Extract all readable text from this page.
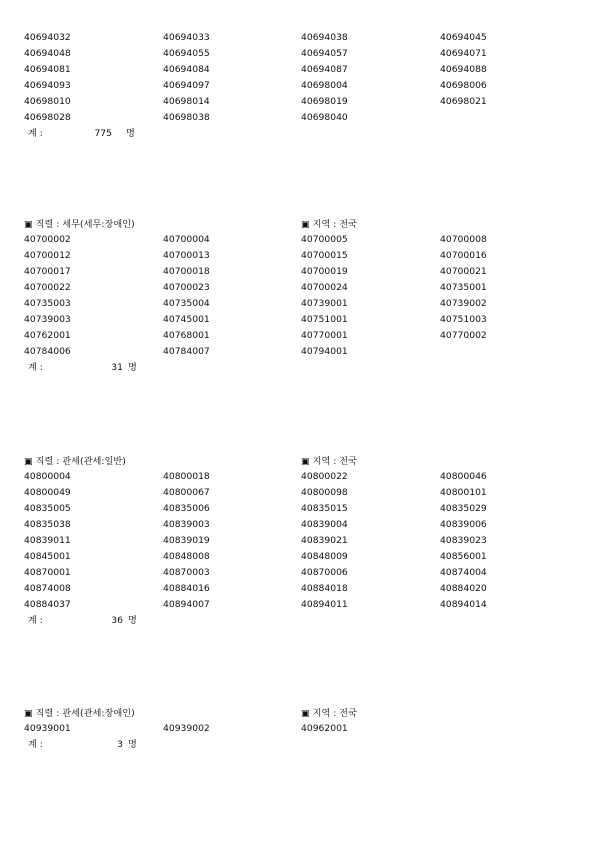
40694032	40694033	40694038	40694045
40694048	40694055	40694057	40694071
40694081	40694084	40694087	40694088
40694093	40694097	40698004	40698006
40698010	40698014	40698019	40698021
40698028	40698038	40698040
계 :	775 명
▣ 직렬 : 세무(세무:장애인)	▣ 지역 : 전국
40700002	40700004	40700005	40700008
40700012	40700013	40700015	40700016
40700017	40700018	40700019	40700021
40700022	40700023	40700024	40735001
40735003	40735004	40739001	40739002
40739003	40745001	40751001	40751003
40762001	40768001	40770001	40770002
40784006	40784007	40794001
계 :	31 명
▣ 직렬 : 관세(관세:일반)	▣ 지역 : 전국
40800004	40800018	40800022	40800046
40800049	40800067	40800098	40800101
40835005	40835006	40835015	40835029
40835038	40839003	40839004	40839006
40839011	40839019	40839021	40839023
40845001	40848008	40848009	40856001
40870001	40870003	40870006	40874004
40874008	40884016	40884018	40884020
40884037	40894007	40894011	40894014
계 :	36 명
▣ 직렬 : 관세(관세:장애인)	▣ 지역 : 전국
40939001	40939002	40962001
계 :	3 명
